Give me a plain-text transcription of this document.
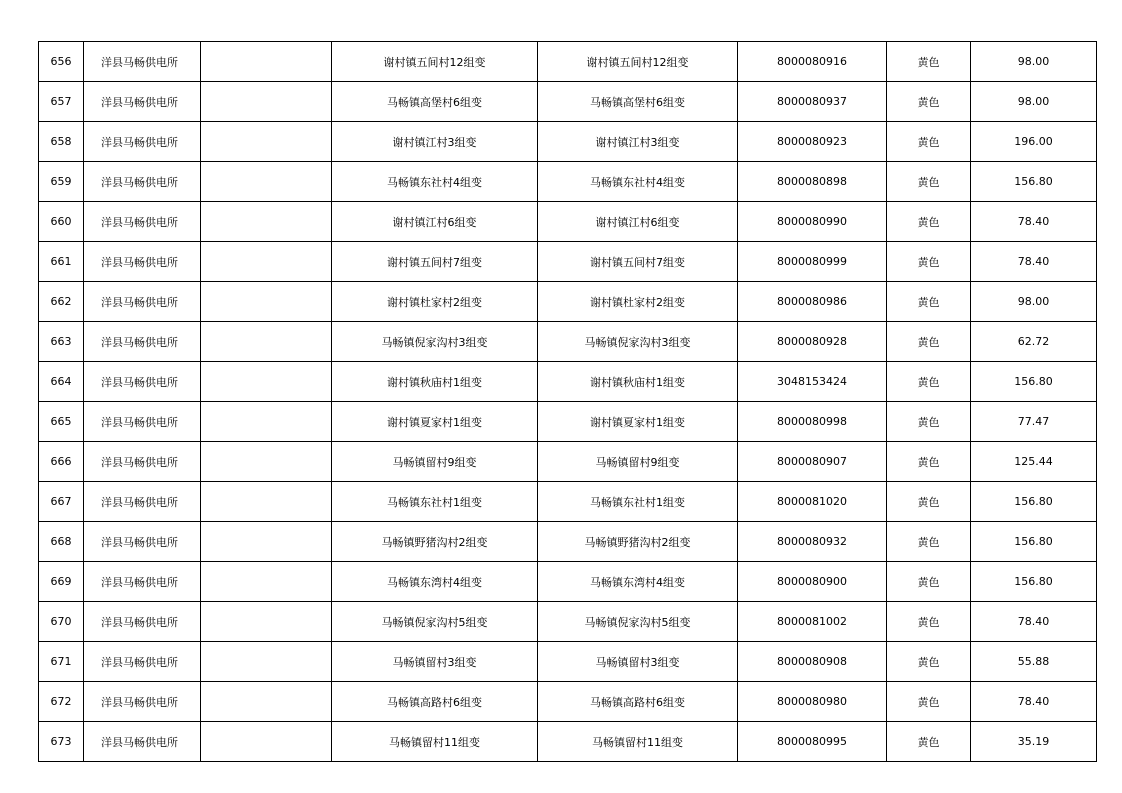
656	洋县马畅供电所		谢村镇五间村12组变	谢村镇五间村12组变	8000080916	黄色	98.00
657	洋县马畅供电所		马畅镇高堡村6组变	马畅镇高堡村6组变	8000080937	黄色	98.00
658	洋县马畅供电所		谢村镇江村3组变	谢村镇江村3组变	8000080923	黄色	196.00
659	洋县马畅供电所		马畅镇东社村4组变	马畅镇东社村4组变	8000080898	黄色	156.80
660	洋县马畅供电所		谢村镇江村6组变	谢村镇江村6组变	8000080990	黄色	78.40
661	洋县马畅供电所		谢村镇五间村7组变	谢村镇五间村7组变	8000080999	黄色	78.40
662	洋县马畅供电所		谢村镇杜家村2组变	谢村镇杜家村2组变	8000080986	黄色	98.00
663	洋县马畅供电所		马畅镇倪家沟村3组变	马畅镇倪家沟村3组变	8000080928	黄色	62.72
664	洋县马畅供电所		谢村镇秋庙村1组变	谢村镇秋庙村1组变	3048153424	黄色	156.80
665	洋县马畅供电所		谢村镇夏家村1组变	谢村镇夏家村1组变	8000080998	黄色	77.47
666	洋县马畅供电所		马畅镇留村9组变	马畅镇留村9组变	8000080907	黄色	125.44
667	洋县马畅供电所		马畅镇东社村1组变	马畅镇东社村1组变	8000081020	黄色	156.80
668	洋县马畅供电所		马畅镇野猪沟村2组变	马畅镇野猪沟村2组变	8000080932	黄色	156.80
669	洋县马畅供电所		马畅镇东湾村4组变	马畅镇东湾村4组变	8000080900	黄色	156.80
670	洋县马畅供电所		马畅镇倪家沟村5组变	马畅镇倪家沟村5组变	8000081002	黄色	78.40
671	洋县马畅供电所		马畅镇留村3组变	马畅镇留村3组变	8000080908	黄色	55.88
672	洋县马畅供电所		马畅镇高路村6组变	马畅镇高路村6组变	8000080980	黄色	78.40
673	洋县马畅供电所		马畅镇留村11组变	马畅镇留村11组变	8000080995	黄色	35.19
